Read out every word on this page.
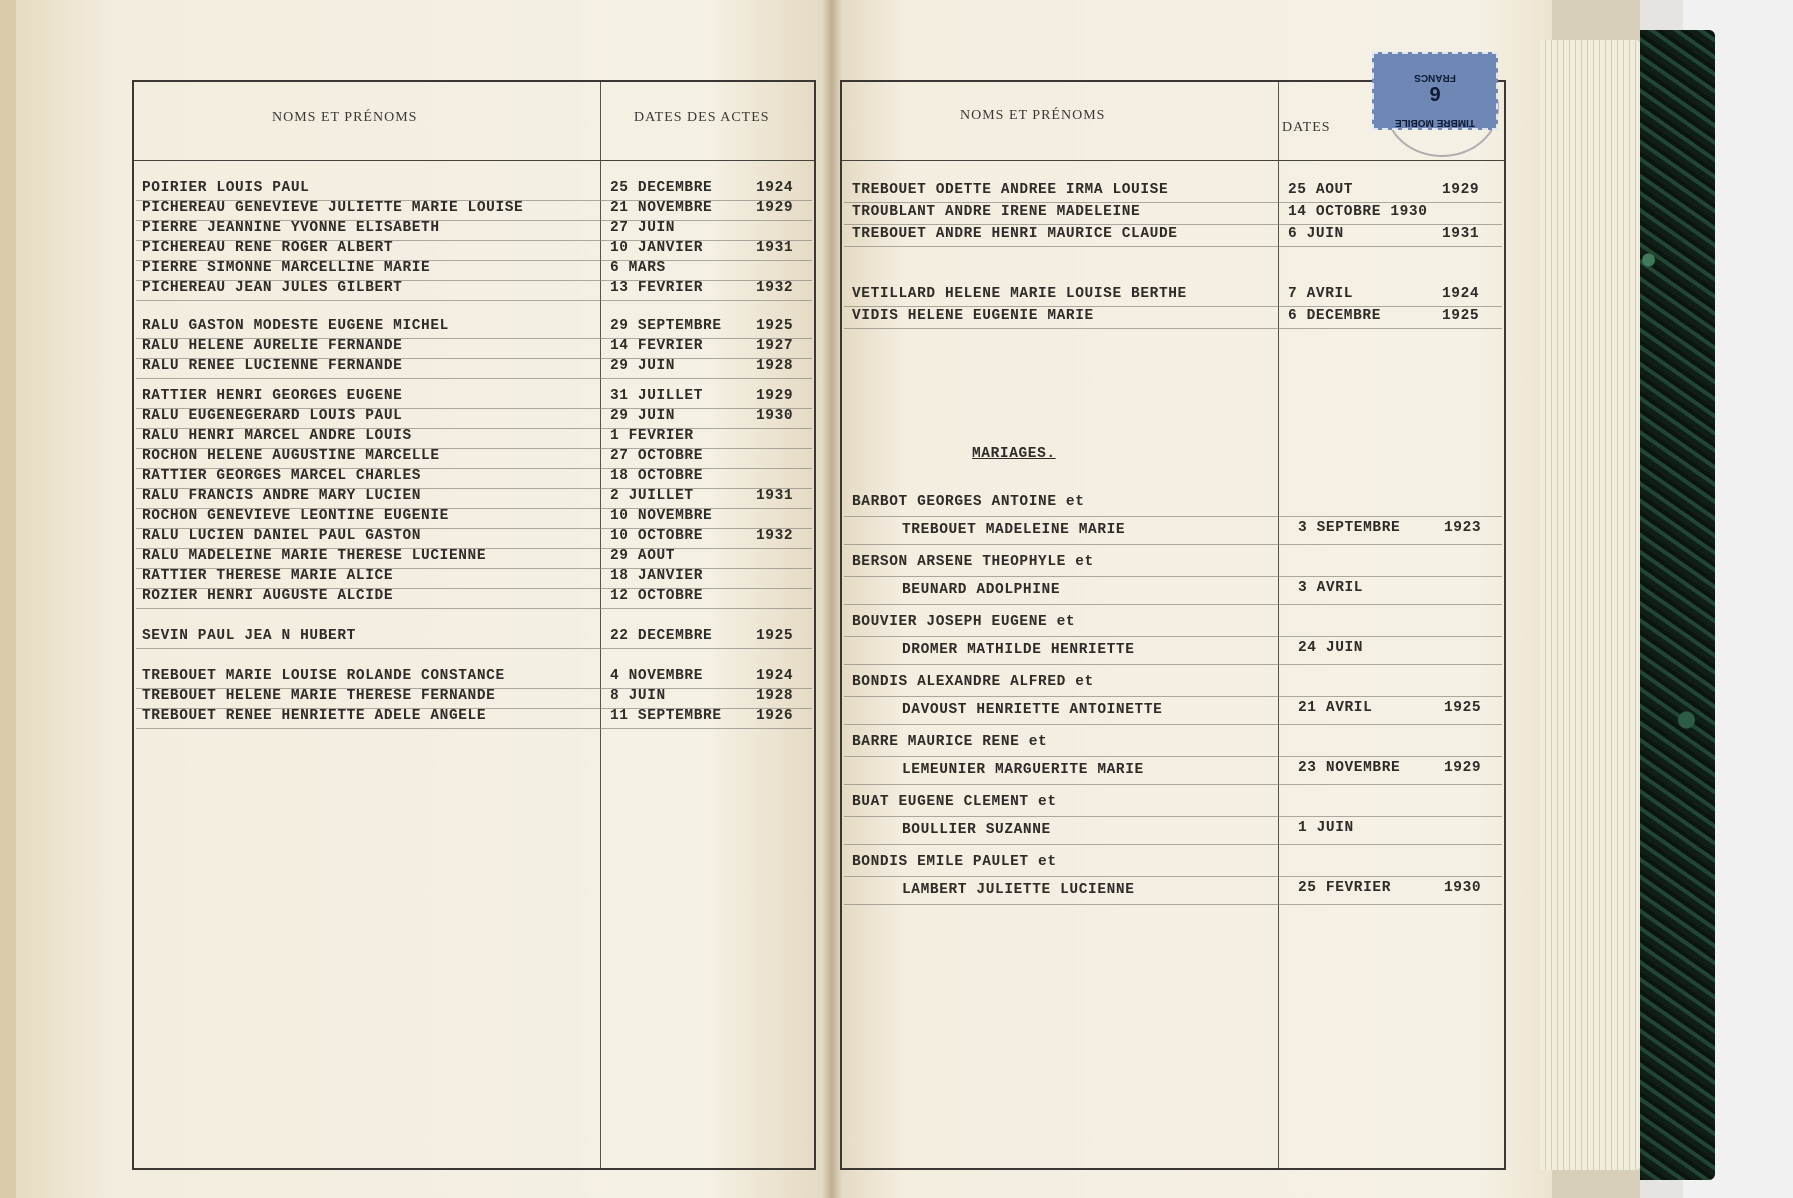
NOMS ET PRÉNOMS	DATES DES ACTES
POIRIER LOUIS PAUL	25 DECEMBRE	1924
PICHEREAU GENEVIEVE JULIETTE MARIE LOUISE	21 NOVEMBRE	1929
PIERRE JEANNINE YVONNE ELISABETH	27 JUIN
PICHEREAU RENE ROGER ALBERT	10 JANVIER	1931
PIERRE SIMONNE MARCELLINE MARIE	6 MARS
PICHEREAU JEAN JULES GILBERT	13 FEVRIER	1932
RALU GASTON MODESTE EUGENE MICHEL	29 SEPTEMBRE 1925
RALU HELENE AURELIE FERNANDE	14 FEVRIER	1927
RALU RENEE LUCIENNE FERNANDE	29 JUIN	1928
RATTIER HENRI GEORGES EUGENE	31 JUILLET	1929
RALU EUGENEGERARD LOUIS PAUL	29 JUIN	1930
RALU HENRI MARCEL ANDRE LOUIS	1 FEVRIER
ROCHON HELENE AUGUSTINE MARCELLE	27 OCTOBRE
RATTIER GEORGES MARCEL CHARLES	18 OCTOBRE
RALU FRANCIS ANDRE MARY LUCIEN	2 JUILLET	1931
ROCHON GENEVIEVE LEONTINE EUGENIE	10 NOVEMBRE
RALU LUCIEN DANIEL PAUL GASTON	10 OCTOBRE	1932
RALU MADELEINE MARIE THERESE LUCIENNE	29 AOUT
RATTIER THERESE MARIE ALICE	18 JANVIER
ROZIER HENRI AUGUSTE ALCIDE	12 OCTOBRE
SEVIN PAUL JEA N HUBERT	22 DECEMBRE	1925
TREBOUET MARIE LOUISE ROLANDE CONSTANCE	4 NOVEMBRE	1924
TREBOUET HELENE MARIE THERESE FERNANDE	8 JUIN	1928
TREBOUET RENEE HENRIETTE ADELE ANGELE	11 SEPTEMBRE 1926
NOMS ET PRÉNOMS
DATES
TREBOUET ODETTE ANDREE IRMA LOUISE	25 AOUT	1929
TROUBLANT ANDRE IRENE MADELEINE	14 OCTOBRE 1930
TREBOUET ANDRE HENRI MAURICE CLAUDE	6 JUIN	1931
VETILLARD HELENE MARIE LOUISE BERTHE	7 AVRIL	1924
VIDIS HELENE EUGENIE MARIE	6 DECEMBRE	1925
MARIAGES.
BARBOT GEORGES ANTOINE et
TREBOUET MADELEINE MARIE	3 SEPTEMBRE	1923
BERSON ARSENE THEOPHYLE et
BEUNARD ADOLPHINE	3 AVRIL
BOUVIER JOSEPH EUGENE et
DROMER MATHILDE HENRIETTE	24 JUIN
BONDIS ALEXANDRE ALFRED et
DAVOUST HENRIETTE ANTOINETTE	21 AVRIL	1925
BARRE MAURICE RENE et
LEMEUNIER MARGUERITE MARIE	23 NOVEMBRE	1929
BUAT EUGENE CLEMENT et
BOULLIER SUZANNE	1 JUIN
BONDIS EMILE PAULET et
LAMBERT JULIETTE LUCIENNE	25 FEVRIER	1930
TIMBRE MOBILE
6
FRANCS
